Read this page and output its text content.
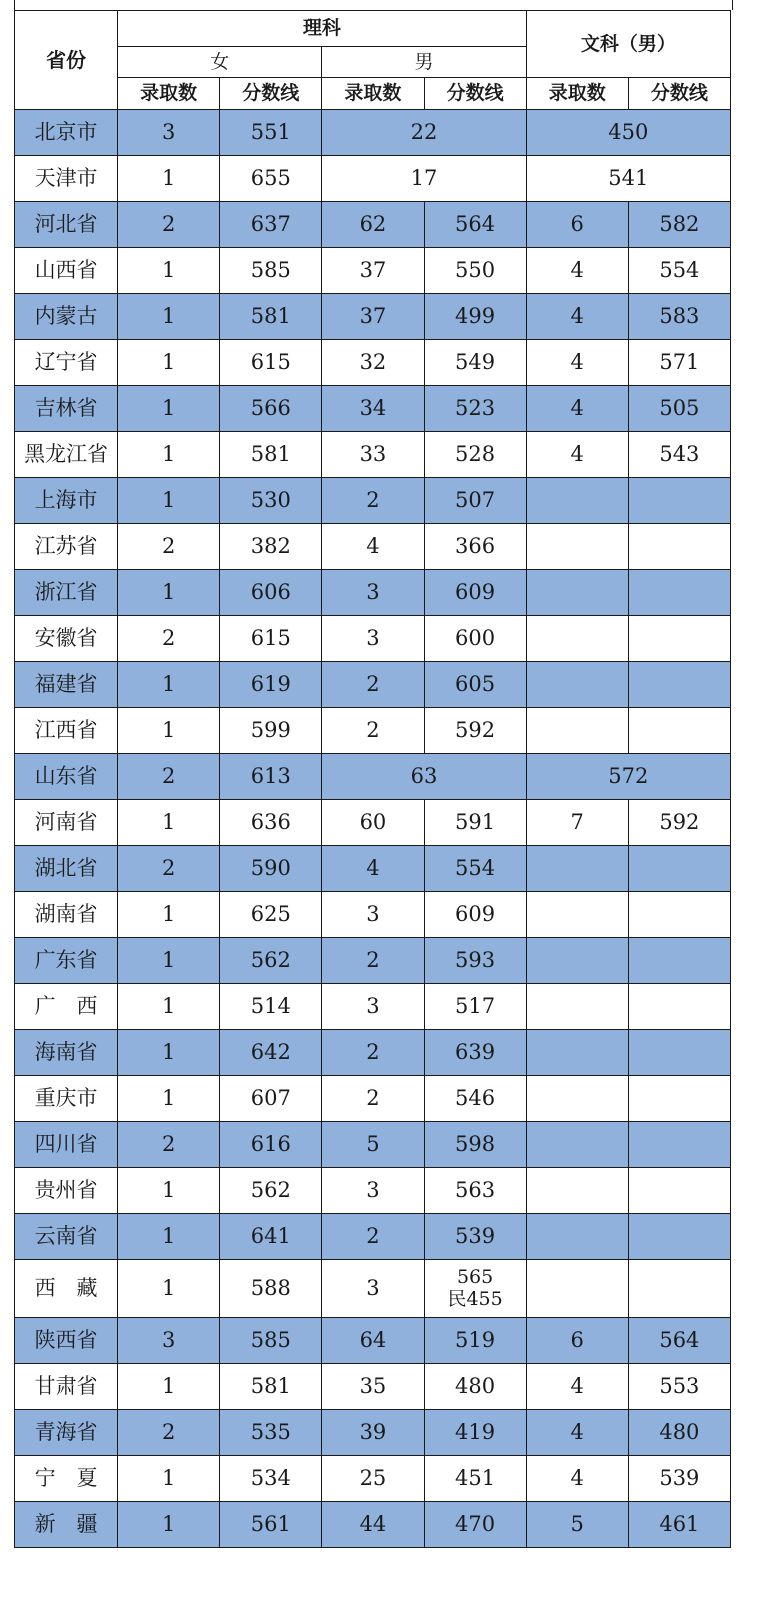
省份	理科				文科（男）	
	女		男			
	录取数	分数线	录取数	分数线	录取数	分数线
北京市	3	551	22		450	
天津市	1	655	17		541	
河北省	2	637	62	564	6	582
山西省	1	585	37	550	4	554
内蒙古	1	581	37	499	4	583
辽宁省	1	615	32	549	4	571
吉林省	1	566	34	523	4	505
黑龙江省	1	581	33	528	4	543
上海市	1	530	2	507		
江苏省	2	382	4	366		
浙江省	1	606	3	609		
安徽省	2	615	3	600		
福建省	1	619	2	605		
江西省	1	599	2	592		
山东省	2	613	63		572	
河南省	1	636	60	591	7	592
湖北省	2	590	4	554		
湖南省	1	625	3	609		
广东省	1	562	2	593		
广　西	1	514	3	517		
海南省	1	642	2	639		
重庆市	1	607	2	546		
四川省	2	616	5	598		
贵州省	1	562	3	563		
云南省	1	641	2	539		
西　藏	1	588	3	565
民455		

陕西省	3	585	64	519	6	564
甘肃省	1	581	35	480	4	553
青海省	2	535	39	419	4	480
宁　夏	1	534	25	451	4	539
新　疆	1	561	44	470	5	461
